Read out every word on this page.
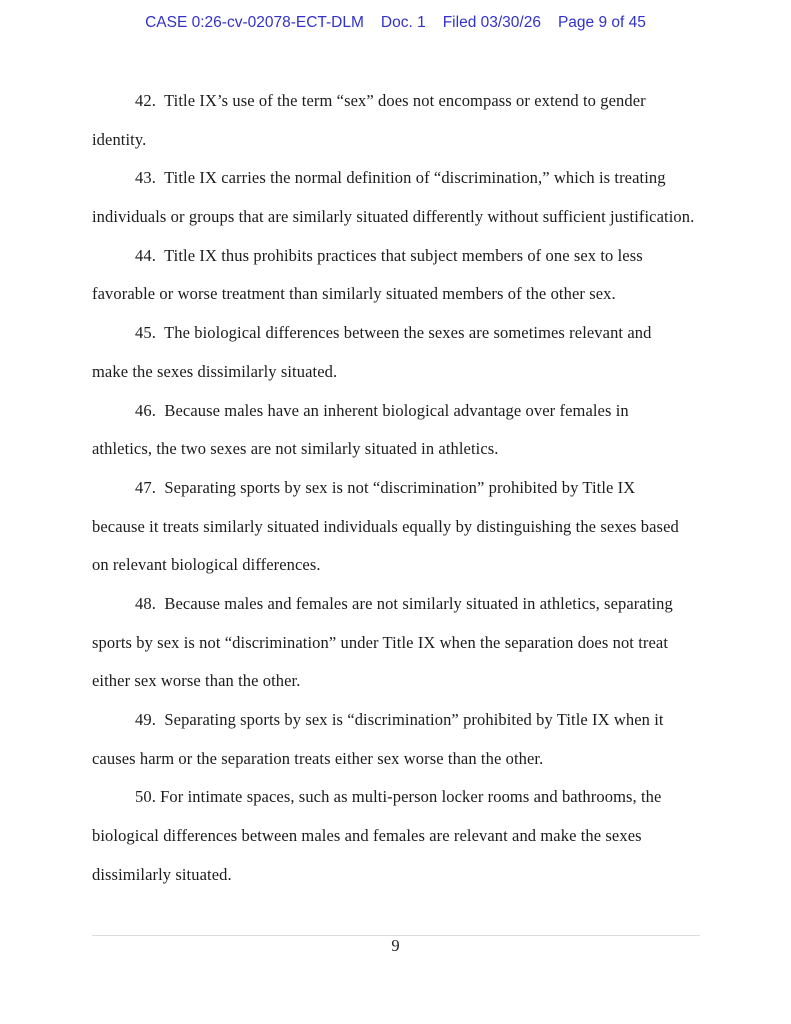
CASE 0:26-cv-02078-ECT-DLM Doc. 1 Filed 03/30/26 Page 9 of 45
42.  Title IX’s use of the term “sex” does not encompass or extend to gender
identity.
43.  Title IX carries the normal definition of “discrimination,” which is treating
individuals or groups that are similarly situated differently without sufficient justification.
44.  Title IX thus prohibits practices that subject members of one sex to less
favorable or worse treatment than similarly situated members of the other sex.
45.  The biological differences between the sexes are sometimes relevant and
make the sexes dissimilarly situated.
46.  Because males have an inherent biological advantage over females in
athletics, the two sexes are not similarly situated in athletics.
47.  Separating sports by sex is not “discrimination” prohibited by Title IX
because it treats similarly situated individuals equally by distinguishing the sexes based
on relevant biological differences.
48.  Because males and females are not similarly situated in athletics, separating
sports by sex is not “discrimination” under Title IX when the separation does not treat
either sex worse than the other.
49.  Separating sports by sex is “discrimination” prohibited by Title IX when it
causes harm or the separation treats either sex worse than the other.
50. For intimate spaces, such as multi-person locker rooms and bathrooms, the
biological differences between males and females are relevant and make the sexes
dissimilarly situated.
9
